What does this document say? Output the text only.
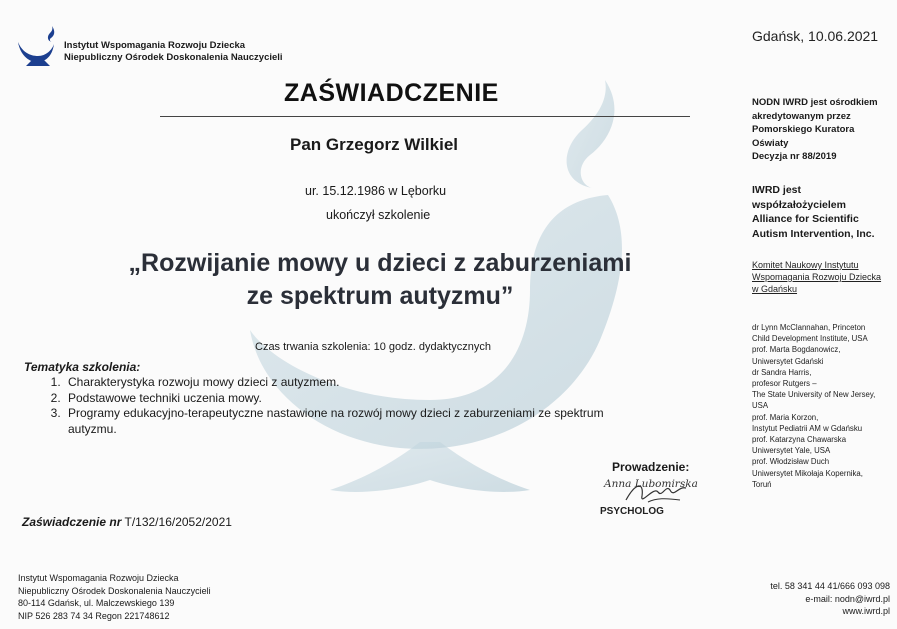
Instytut Wspomagania Rozwoju Dziecka
Niepubliczny Ośrodek Doskonalenia Nauczycieli
Gdańsk, 10.06.2021
ZAŚWIADCZENIE
Pan Grzegorz Wilkiel
ur. 15.12.1986 w Lęborku
ukończył szkolenie
„Rozwijanie mowy u dzieci z zaburzeniami
ze spektrum autyzmu”
Czas trwania szkolenia: 10 godz. dydaktycznych
Tematyka szkolenia:
1. Charakterystyka rozwoju mowy dzieci z autyzmem.
2. Podstawowe techniki uczenia mowy.
3. Programy edukacyjno-terapeutyczne nastawione na rozwój mowy dzieci z zaburzeniami ze spektrum autyzmu.
Prowadzenie:
Anna Lubomirska
PSYCHOLOG
Zaświadczenie nr T/132/16/2052/2021
NODN IWRD jest ośrodkiem
akredytowanym przez
Pomorskiego Kuratora
Oświaty
Decyzja nr 88/2019
IWRD jest
współzałożycielem
Alliance for Scientific
Autism Intervention, Inc.
Komitet Naukowy Instytutu
Wspomagania Rozwoju Dziecka
w Gdańsku
dr Lynn McClannahan, Princeton
Child Development Institute, USA
prof. Marta Bogdanowicz,
Uniwersytet Gdański
dr Sandra Harris,
profesor Rutgers –
The State University of New Jersey,
USA
prof. Maria Korzon,
Instytut Pediatrii AM w Gdańsku
prof. Katarzyna Chawarska
Uniwersytet Yale, USA
prof. Włodzisław Duch
Uniwersytet Mikołaja Kopernika,
Toruń
Instytut Wspomagania Rozwoju Dziecka
Niepubliczny Ośrodek Doskonalenia Nauczycieli
80-114 Gdańsk, ul. Malczewskiego 139
NIP 526 283 74 34 Regon 221748612
tel. 58 341 44 41/666 093 098
e-mail: nodn@iwrd.pl
www.iwrd.pl
